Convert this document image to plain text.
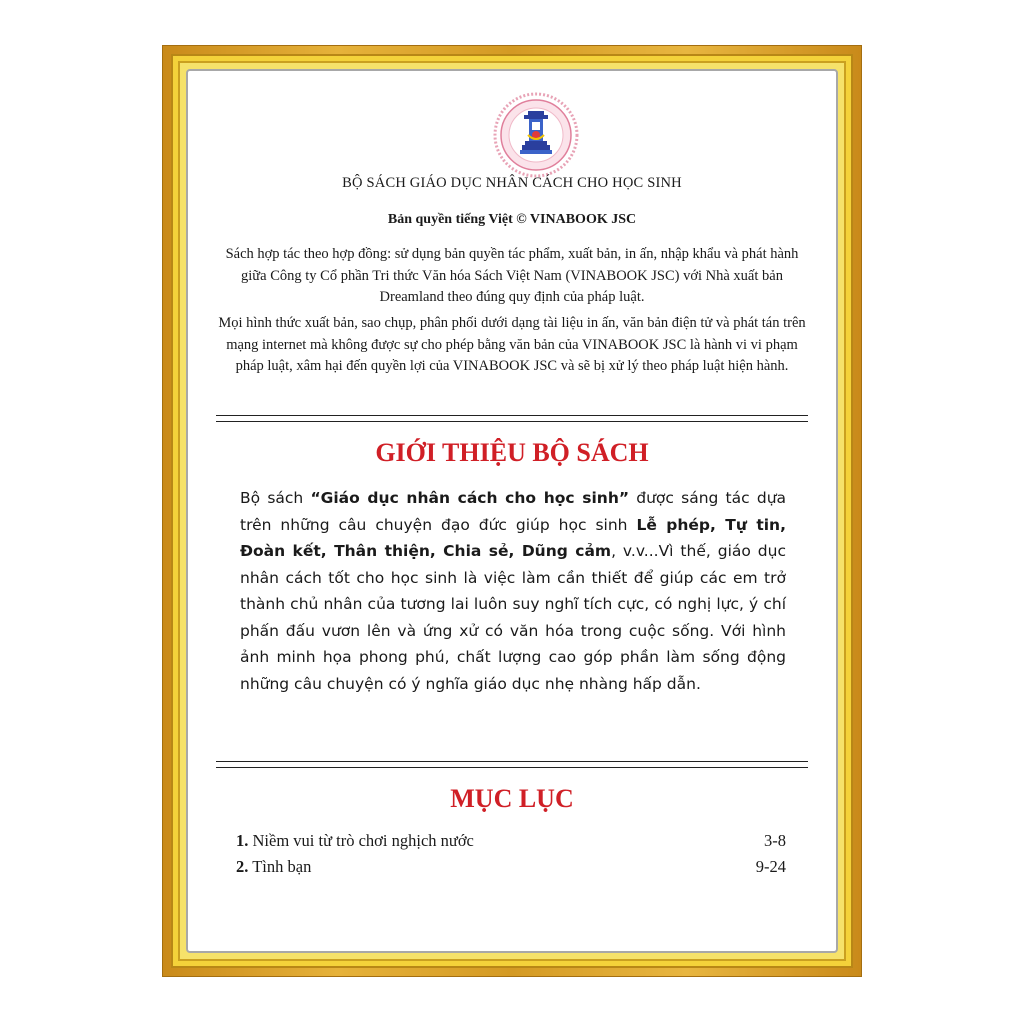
BỘ SÁCH GIÁO DỤC NHÂN CÁCH CHO HỌC SINH
Bản quyền tiếng Việt © VINABOOK JSC

Sách hợp tác theo hợp đồng: sử dụng bản quyền tác phẩm, xuất bản, in ấn, nhập khẩu và phát hành giữa Công ty Cổ phần Tri thức Văn hóa Sách Việt Nam (VINABOOK JSC) với Nhà xuất bản Dreamland theo đúng quy định của pháp luật.

Mọi hình thức xuất bản, sao chụp, phân phối dưới dạng tài liệu in ấn, văn bản điện tử và phát tán trên mạng internet mà không được sự cho phép bằng văn bản của VINABOOK JSC là hành vi vi phạm pháp luật, xâm hại đến quyền lợi của VINABOOK JSC và sẽ bị xử lý theo pháp luật hiện hành.

GIỚI THIỆU BỘ SÁCH

Bộ sách “Giáo dục nhân cách cho học sinh” được sáng tác dựa trên những câu chuyện đạo đức giúp học sinh Lễ phép, Tự tin, Đoàn kết, Thân thiện, Chia sẻ, Dũng cảm, v.v...Vì thế, giáo dục nhân cách tốt cho học sinh là việc làm cần thiết để giúp các em trở thành chủ nhân của tương lai luôn suy nghĩ tích cực, có nghị lực, ý chí phấn đấu vươn lên và ứng xử có văn hóa trong cuộc sống. Với hình ảnh minh họa phong phú, chất lượng cao góp phần làm sống động những câu chuyện có ý nghĩa giáo dục nhẹ nhàng hấp dẫn.

MỤC LỤC
1. Niềm vui từ trò chơi nghịch nước	3-8
2. Tình bạn	9-24
